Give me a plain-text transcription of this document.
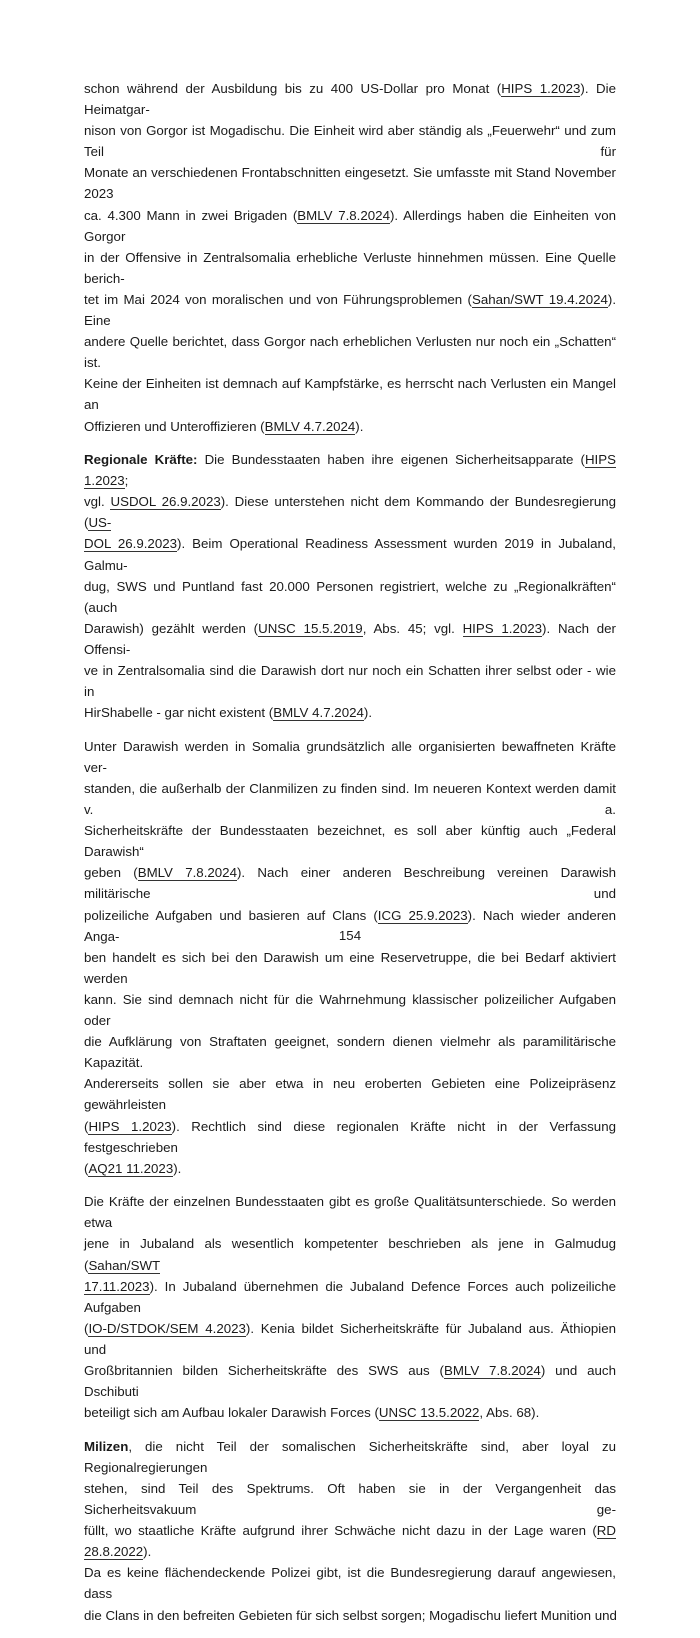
schon während der Ausbildung bis zu 400 US-Dollar pro Monat (HIPS 1.2023). Die Heimatgar-
nison von Gorgor ist Mogadischu. Die Einheit wird aber ständig als „Feuerwehr“ und zum Teil für
Monate an verschiedenen Frontabschnitten eingesetzt. Sie umfasste mit Stand November 2023
ca. 4.300 Mann in zwei Brigaden (BMLV 7.8.2024). Allerdings haben die Einheiten von Gorgor
in der Offensive in Zentralsomalia erhebliche Verluste hinnehmen müssen. Eine Quelle berich-
tet im Mai 2024 von moralischen und von Führungsproblemen (Sahan/SWT 19.4.2024). Eine
andere Quelle berichtet, dass Gorgor nach erheblichen Verlusten nur noch ein „Schatten“ ist.
Keine der Einheiten ist demnach auf Kampfstärke, es herrscht nach Verlusten ein Mangel an
Offizieren und Unteroffizieren (BMLV 4.7.2024).

Regionale Kräfte: Die Bundesstaaten haben ihre eigenen Sicherheitsapparate (HIPS 1.2023;
vgl. USDOL 26.9.2023). Diese unterstehen nicht dem Kommando der Bundesregierung (US-
DOL 26.9.2023). Beim Operational Readiness Assessment wurden 2019 in Jubaland, Galmu-
dug, SWS und Puntland fast 20.000 Personen registriert, welche zu „Regionalkräften“ (auch
Darawish) gezählt werden (UNSC 15.5.2019, Abs. 45; vgl. HIPS 1.2023). Nach der Offensi-
ve in Zentralsomalia sind die Darawish dort nur noch ein Schatten ihrer selbst oder - wie in
HirShabelle - gar nicht existent (BMLV 4.7.2024).

Unter Darawish werden in Somalia grundsätzlich alle organisierten bewaffneten Kräfte ver-
standen, die außerhalb der Clanmilizen zu finden sind. Im neueren Kontext werden damit v. a.
Sicherheitskräfte der Bundesstaaten bezeichnet, es soll aber künftig auch „Federal Darawish“
geben (BMLV 7.8.2024). Nach einer anderen Beschreibung vereinen Darawish militärische und
polizeiliche Aufgaben und basieren auf Clans (ICG 25.9.2023). Nach wieder anderen Anga-
ben handelt es sich bei den Darawish um eine Reservetruppe, die bei Bedarf aktiviert werden
kann. Sie sind demnach nicht für die Wahrnehmung klassischer polizeilicher Aufgaben oder
die Aufklärung von Straftaten geeignet, sondern dienen vielmehr als paramilitärische Kapazität.
Andererseits sollen sie aber etwa in neu eroberten Gebieten eine Polizeipräsenz gewährleisten
(HIPS 1.2023). Rechtlich sind diese regionalen Kräfte nicht in der Verfassung festgeschrieben
(AQ21 11.2023).

Die Kräfte der einzelnen Bundesstaaten gibt es große Qualitätsunterschiede. So werden etwa
jene in Jubaland als wesentlich kompetenter beschrieben als jene in Galmudug (Sahan/SWT
17.11.2023). In Jubaland übernehmen die Jubaland Defence Forces auch polizeiliche Aufgaben
(IO-D/STDOK/SEM 4.2023). Kenia bildet Sicherheitskräfte für Jubaland aus. Äthiopien und
Großbritannien bilden Sicherheitskräfte des SWS aus (BMLV 7.8.2024) und auch Dschibuti
beteiligt sich am Aufbau lokaler Darawish Forces (UNSC 13.5.2022, Abs. 68).

Milizen, die nicht Teil der somalischen Sicherheitskräfte sind, aber loyal zu Regionalregierungen
stehen, sind Teil des Spektrums. Oft haben sie in der Vergangenheit das Sicherheitsvakuum ge-
füllt, wo staatliche Kräfte aufgrund ihrer Schwäche nicht dazu in der Lage waren (RD 28.8.2022).
Da es keine flächendeckende Polizei gibt, ist die Bundesregierung darauf angewiesen, dass
die Clans in den befreiten Gebieten für sich selbst sorgen; Mogadischu liefert Munition und

154
